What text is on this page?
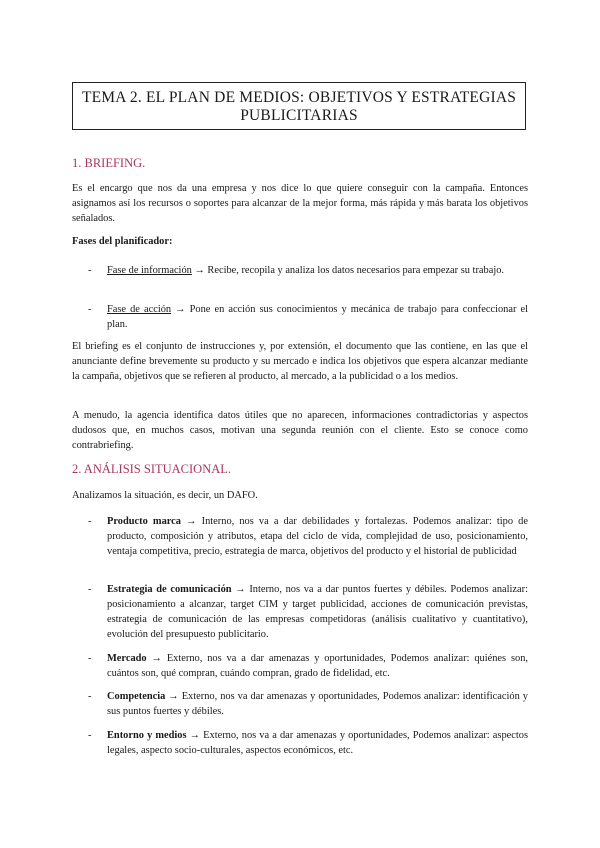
TEMA 2. EL PLAN DE MEDIOS: OBJETIVOS Y ESTRATEGIAS
PUBLICITARIAS
1. BRIEFING.

Es el encargo que nos da una empresa y nos dice lo que quiere conseguir con la campaña. Entonces asignamos así los recursos o soportes para alcanzar de la mejor forma, más rápida y más barata los objetivos señalados.

Fases del planificador:
- Fase de información → Recibe, recopila y analiza los datos necesarios para empezar su trabajo.
- Fase de acción → Pone en acción sus conocimientos y mecánica de trabajo para confeccionar el plan.

El briefing es el conjunto de instrucciones y, por extensión, el documento que las contiene, en las que el anunciante define brevemente su producto y su mercado e indica los objetivos que espera alcanzar mediante la campaña, objetivos que se refieren al producto, al mercado, a la publicidad o a los medios.

A menudo, la agencia identifica datos útiles que no aparecen, informaciones contradictorias y aspectos dudosos que, en muchos casos, motivan una segunda reunión con el cliente. Esto se conoce como contrabriefing.

2. ANÁLISIS SITUACIONAL.

Analizamos la situación, es decir, un DAFO.

- Producto marca → Interno, nos va a dar debilidades y fortalezas. Podemos analizar: tipo de producto, composición y atributos, etapa del ciclo de vida, complejidad de uso, posicionamiento, ventaja competitiva, precio, estrategia de marca, objetivos del producto y el historial de publicidad
- Estrategia de comunicación → Interno, nos va a dar puntos fuertes y débiles. Podemos analizar: posicionamiento a alcanzar, target CIM y target publicidad, acciones de comunicación previstas, estrategia de comunicación de las empresas competidoras (análisis cualitativo y cuantitativo), evolución del presupuesto publicitario.
- Mercado → Externo, nos va a dar amenazas y oportunidades, Podemos analizar: quiénes son, cuántos son, qué compran, cuándo compran, grado de fidelidad, etc.
- Competencia → Externo, nos va dar amenazas y oportunidades, Podemos analizar: identificación y sus puntos fuertes y débiles.
- Entorno y medios → Externo, nos va a dar amenazas y oportunidades, Podemos analizar: aspectos legales, aspecto socio-culturales, aspectos económicos, etc.
